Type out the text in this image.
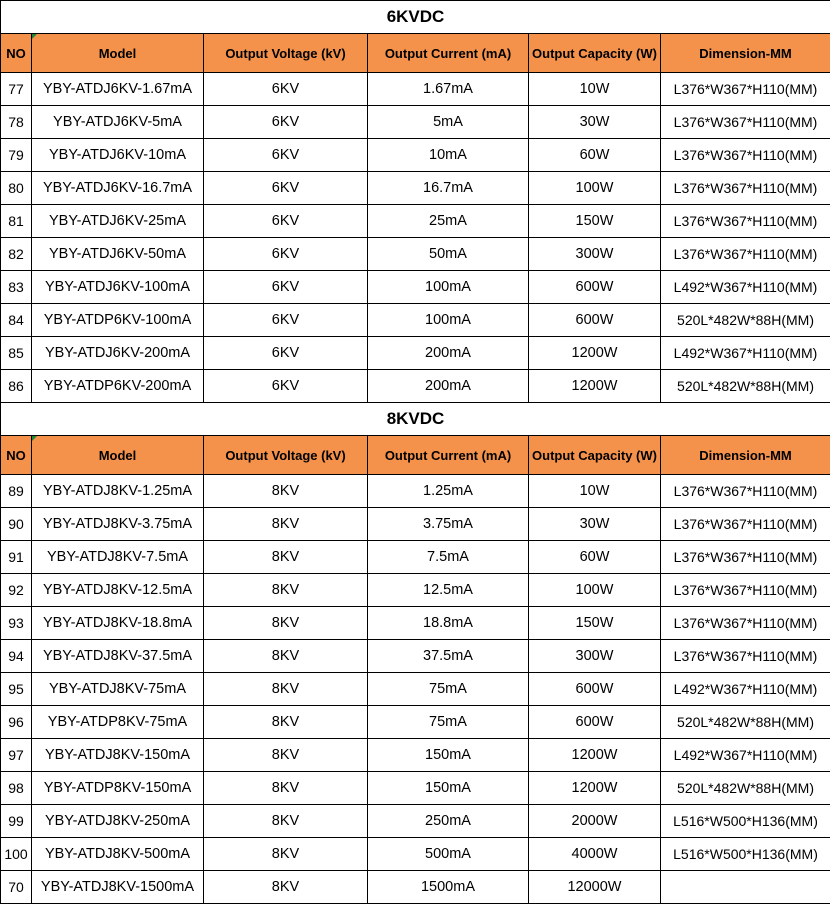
6KVDC					
NO	Model	Output Voltage (kV)	Output Current (mA)	Output Capacity (W)	Dimension-MM
77	YBY-ATDJ6KV-1.67mA	6KV	1.67mA	10W	L376*W367*H110(MM)
78	YBY-ATDJ6KV-5mA	6KV	5mA	30W	L376*W367*H110(MM)
79	YBY-ATDJ6KV-10mA	6KV	10mA	60W	L376*W367*H110(MM)
80	YBY-ATDJ6KV-16.7mA	6KV	16.7mA	100W	L376*W367*H110(MM)
81	YBY-ATDJ6KV-25mA	6KV	25mA	150W	L376*W367*H110(MM)
82	YBY-ATDJ6KV-50mA	6KV	50mA	300W	L376*W367*H110(MM)
83	YBY-ATDJ6KV-100mA	6KV	100mA	600W	L492*W367*H110(MM)
84	YBY-ATDP6KV-100mA	6KV	100mA	600W	520L*482W*88H(MM)
85	YBY-ATDJ6KV-200mA	6KV	200mA	1200W	L492*W367*H110(MM)
86	YBY-ATDP6KV-200mA	6KV	200mA	1200W	520L*482W*88H(MM)
8KVDC					
NO	Model	Output Voltage (kV)	Output Current (mA)	Output Capacity (W)	Dimension-MM
89	YBY-ATDJ8KV-1.25mA	8KV	1.25mA	10W	L376*W367*H110(MM)
90	YBY-ATDJ8KV-3.75mA	8KV	3.75mA	30W	L376*W367*H110(MM)
91	YBY-ATDJ8KV-7.5mA	8KV	7.5mA	60W	L376*W367*H110(MM)
92	YBY-ATDJ8KV-12.5mA	8KV	12.5mA	100W	L376*W367*H110(MM)
93	YBY-ATDJ8KV-18.8mA	8KV	18.8mA	150W	L376*W367*H110(MM)
94	YBY-ATDJ8KV-37.5mA	8KV	37.5mA	300W	L376*W367*H110(MM)
95	YBY-ATDJ8KV-75mA	8KV	75mA	600W	L492*W367*H110(MM)
96	YBY-ATDP8KV-75mA	8KV	75mA	600W	520L*482W*88H(MM)
97	YBY-ATDJ8KV-150mA	8KV	150mA	1200W	L492*W367*H110(MM)
98	YBY-ATDP8KV-150mA	8KV	150mA	1200W	520L*482W*88H(MM)
99	YBY-ATDJ8KV-250mA	8KV	250mA	2000W	L516*W500*H136(MM)
100	YBY-ATDJ8KV-500mA	8KV	500mA	4000W	L516*W500*H136(MM)
70	YBY-ATDJ8KV-1500mA	8KV	1500mA	12000W	
